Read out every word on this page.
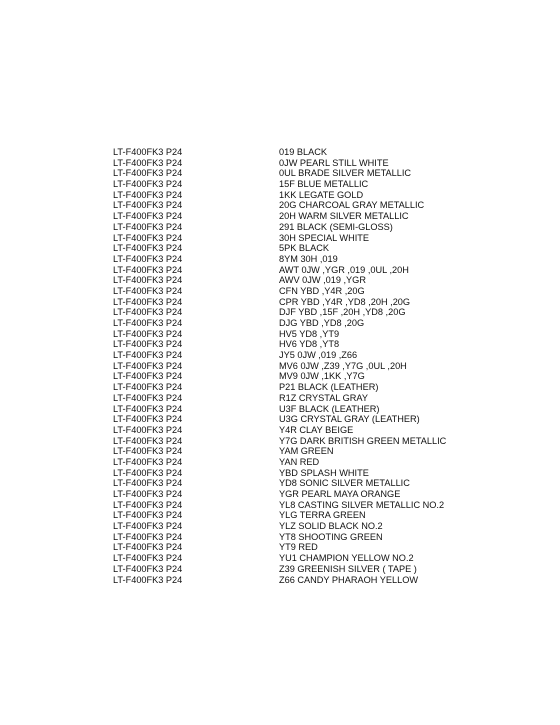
LT-F400FK3 P24	019 BLACK
LT-F400FK3 P24	0JW PEARL STILL WHITE
LT-F400FK3 P24	0UL BRADE SILVER METALLIC
LT-F400FK3 P24	15F BLUE METALLIC
LT-F400FK3 P24	1KK LEGATE GOLD
LT-F400FK3 P24	20G CHARCOAL GRAY METALLIC
LT-F400FK3 P24	20H WARM SILVER METALLIC
LT-F400FK3 P24	291 BLACK (SEMI-GLOSS)
LT-F400FK3 P24	30H SPECIAL WHITE
LT-F400FK3 P24	5PK BLACK
LT-F400FK3 P24	8YM 30H ,019
LT-F400FK3 P24	AWT 0JW ,YGR ,019 ,0UL ,20H
LT-F400FK3 P24	AWV 0JW ,019 ,YGR
LT-F400FK3 P24	CFN YBD ,Y4R ,20G
LT-F400FK3 P24	CPR YBD ,Y4R ,YD8 ,20H ,20G
LT-F400FK3 P24	DJF YBD ,15F ,20H ,YD8 ,20G
LT-F400FK3 P24	DJG YBD ,YD8 ,20G
LT-F400FK3 P24	HV5 YD8 ,YT9
LT-F400FK3 P24	HV6 YD8 ,YT8
LT-F400FK3 P24	JY5 0JW ,019 ,Z66
LT-F400FK3 P24	MV6 0JW ,Z39 ,Y7G ,0UL ,20H
LT-F400FK3 P24	MV9 0JW ,1KK ,Y7G
LT-F400FK3 P24	P21 BLACK (LEATHER)
LT-F400FK3 P24	R1Z CRYSTAL GRAY
LT-F400FK3 P24	U3F BLACK (LEATHER)
LT-F400FK3 P24	U3G CRYSTAL GRAY (LEATHER)
LT-F400FK3 P24	Y4R CLAY BEIGE
LT-F400FK3 P24	Y7G DARK BRITISH GREEN METALLIC
LT-F400FK3 P24	YAM GREEN
LT-F400FK3 P24	YAN RED
LT-F400FK3 P24	YBD SPLASH WHITE
LT-F400FK3 P24	YD8 SONIC SILVER METALLIC
LT-F400FK3 P24	YGR PEARL MAYA ORANGE
LT-F400FK3 P24	YL8 CASTING SILVER METALLIC NO.2
LT-F400FK3 P24	YLG TERRA GREEN
LT-F400FK3 P24	YLZ SOLID BLACK NO.2
LT-F400FK3 P24	YT8 SHOOTING GREEN
LT-F400FK3 P24	YT9 RED
LT-F400FK3 P24	YU1 CHAMPION YELLOW NO.2
LT-F400FK3 P24	Z39 GREENISH SILVER ( TAPE )
LT-F400FK3 P24	Z66 CANDY PHARAOH YELLOW
